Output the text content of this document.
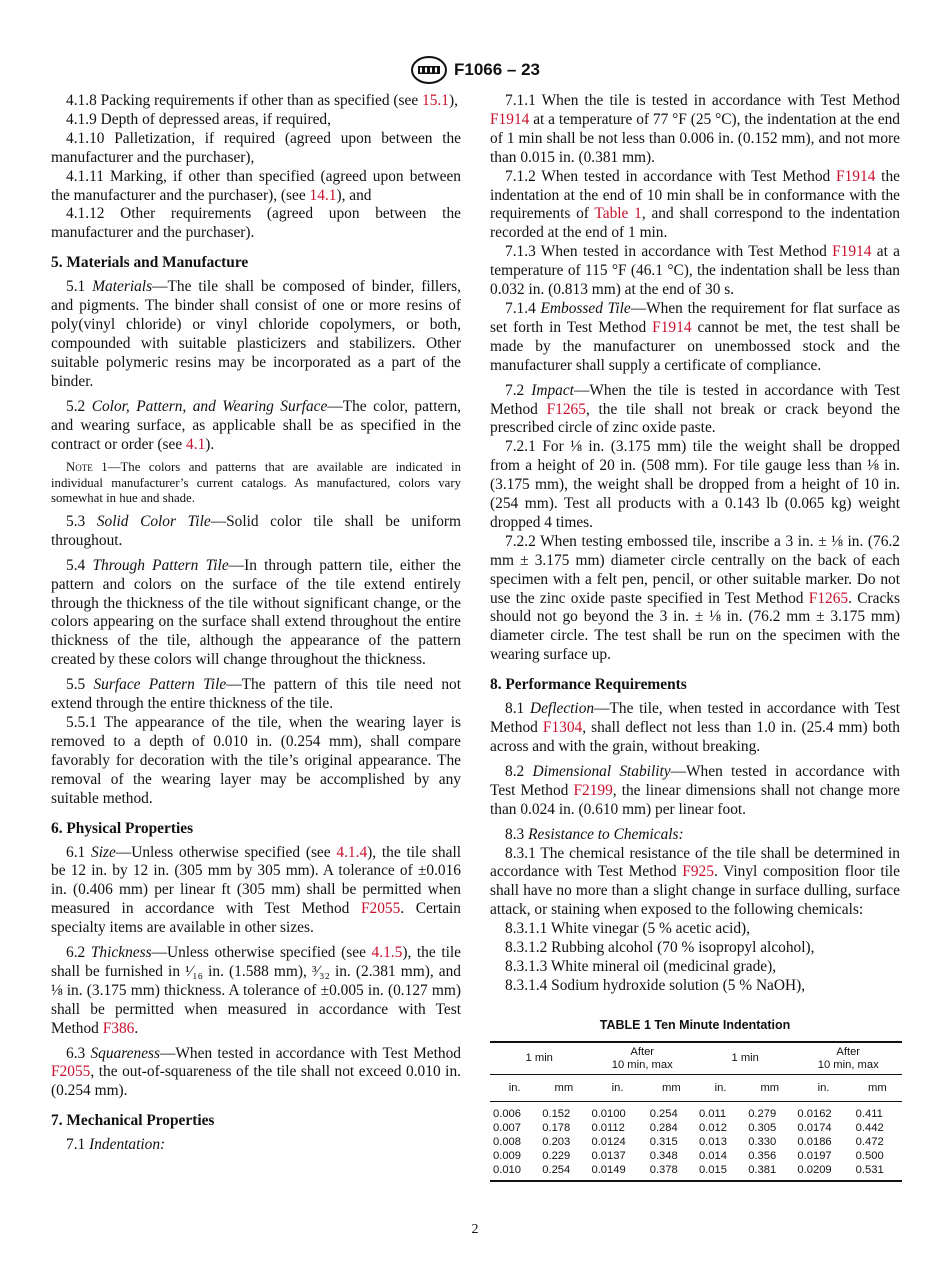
F1066 – 23

4.1.8 Packing requirements if other than as specified (see 15.1),

4.1.9 Depth of depressed areas, if required,

4.1.10 Palletization, if required (agreed upon between the manufacturer and the purchaser),

4.1.11 Marking, if other than specified (agreed upon between the manufacturer and the purchaser), (see 14.1), and

4.1.12 Other requirements (agreed upon between the manufacturer and the purchaser).

5. Materials and Manufacture

5.1 Materials—The tile shall be composed of binder, fillers, and pigments. The binder shall consist of one or more resins of poly(vinyl chloride) or vinyl chloride copolymers, or both, compounded with suitable plasticizers and stabilizers. Other suitable polymeric resins may be incorporated as a part of the binder.

5.2 Color, Pattern, and Wearing Surface—The color, pattern, and wearing surface, as applicable shall be as specified in the contract or order (see 4.1).

Note 1—The colors and patterns that are available are indicated in individual manufacturer’s current catalogs. As manufactured, colors vary somewhat in hue and shade.

5.3 Solid Color Tile—Solid color tile shall be uniform throughout.

5.4 Through Pattern Tile—In through pattern tile, either the pattern and colors on the surface of the tile extend entirely through the thickness of the tile without significant change, or the colors appearing on the surface shall extend throughout the entire thickness of the tile, although the appearance of the pattern created by these colors will change throughout the thickness.

5.5 Surface Pattern Tile—The pattern of this tile need not extend through the entire thickness of the tile.

5.5.1 The appearance of the tile, when the wearing layer is removed to a depth of 0.010 in. (0.254 mm), shall compare favorably for decoration with the tile’s original appearance. The removal of the wearing layer may be accomplished by any suitable method.

6. Physical Properties

6.1 Size—Unless otherwise specified (see 4.1.4), the tile shall be 12 in. by 12 in. (305 mm by 305 mm). A tolerance of ±0.016 in. (0.406 mm) per linear ft (305 mm) shall be permitted when measured in accordance with Test Method F2055. Certain specialty items are available in other sizes.

6.2 Thickness—Unless otherwise specified (see 4.1.5), the tile shall be furnished in ¹⁄₁₆ in. (1.588 mm), ³⁄₃₂ in. (2.381 mm), and ⅛ in. (3.175 mm) thickness. A tolerance of ±0.005 in. (0.127 mm) shall be permitted when measured in accordance with Test Method F386.

6.3 Squareness—When tested in accordance with Test Method F2055, the out-of-squareness of the tile shall not exceed 0.010 in. (0.254 mm).

7. Mechanical Properties

7.1 Indentation:

7.1.1 When the tile is tested in accordance with Test Method F1914 at a temperature of 77 °F (25 °C), the indentation at the end of 1 min shall be not less than 0.006 in. (0.152 mm), and not more than 0.015 in. (0.381 mm).

7.1.2 When tested in accordance with Test Method F1914 the indentation at the end of 10 min shall be in conformance with the requirements of Table 1, and shall correspond to the indentation recorded at the end of 1 min.

7.1.3 When tested in accordance with Test Method F1914 at a temperature of 115 °F (46.1 °C), the indentation shall be less than 0.032 in. (0.813 mm) at the end of 30 s.

7.1.4 Embossed Tile—When the requirement for flat surface as set forth in Test Method F1914 cannot be met, the test shall be made by the manufacturer on unembossed stock and the manufacturer shall supply a certificate of compliance.

7.2 Impact—When the tile is tested in accordance with Test Method F1265, the tile shall not break or crack beyond the prescribed circle of zinc oxide paste.

7.2.1 For ⅛ in. (3.175 mm) tile the weight shall be dropped from a height of 20 in. (508 mm). For tile gauge less than ⅛ in. (3.175 mm), the weight shall be dropped from a height of 10 in. (254 mm). Test all products with a 0.143 lb (0.065 kg) weight dropped 4 times.

7.2.2 When testing embossed tile, inscribe a 3 in. ± ⅛ in. (76.2 mm ± 3.175 mm) diameter circle centrally on the back of each specimen with a felt pen, pencil, or other suitable marker. Do not use the zinc oxide paste specified in Test Method F1265. Cracks should not go beyond the 3 in. ± ⅛ in. (76.2 mm ± 3.175 mm) diameter circle. The test shall be run on the specimen with the wearing surface up.

8. Performance Requirements

8.1 Deflection—The tile, when tested in accordance with Test Method F1304, shall deflect not less than 1.0 in. (25.4 mm) both across and with the grain, without breaking.

8.2 Dimensional Stability—When tested in accordance with Test Method F2199, the linear dimensions shall not change more than 0.024 in. (0.610 mm) per linear foot.

8.3 Resistance to Chemicals:

8.3.1 The chemical resistance of the tile shall be determined in accordance with Test Method F925. Vinyl composition floor tile shall have no more than a slight change in surface dulling, surface attack, or staining when exposed to the following chemicals:

8.3.1.1 White vinegar (5 % acetic acid),

8.3.1.2 Rubbing alcohol (70 % isopropyl alcohol),

8.3.1.3 White mineral oil (medicinal grade),

8.3.1.4 Sodium hydroxide solution (5 % NaOH),

TABLE 1 Ten Minute Indentation
1 min		After
10 min, max		1 min		After
10 min, max	
in.	mm	in.	mm	in.	mm	in.	mm
0.006	0.152	0.0100	0.254	0.011	0.279	0.0162	0.411
0.007	0.178	0.0112	0.284	0.012	0.305	0.0174	0.442
0.008	0.203	0.0124	0.315	0.013	0.330	0.0186	0.472
0.009	0.229	0.0137	0.348	0.014	0.356	0.0197	0.500
0.010	0.254	0.0149	0.378	0.015	0.381	0.0209	0.531
2
